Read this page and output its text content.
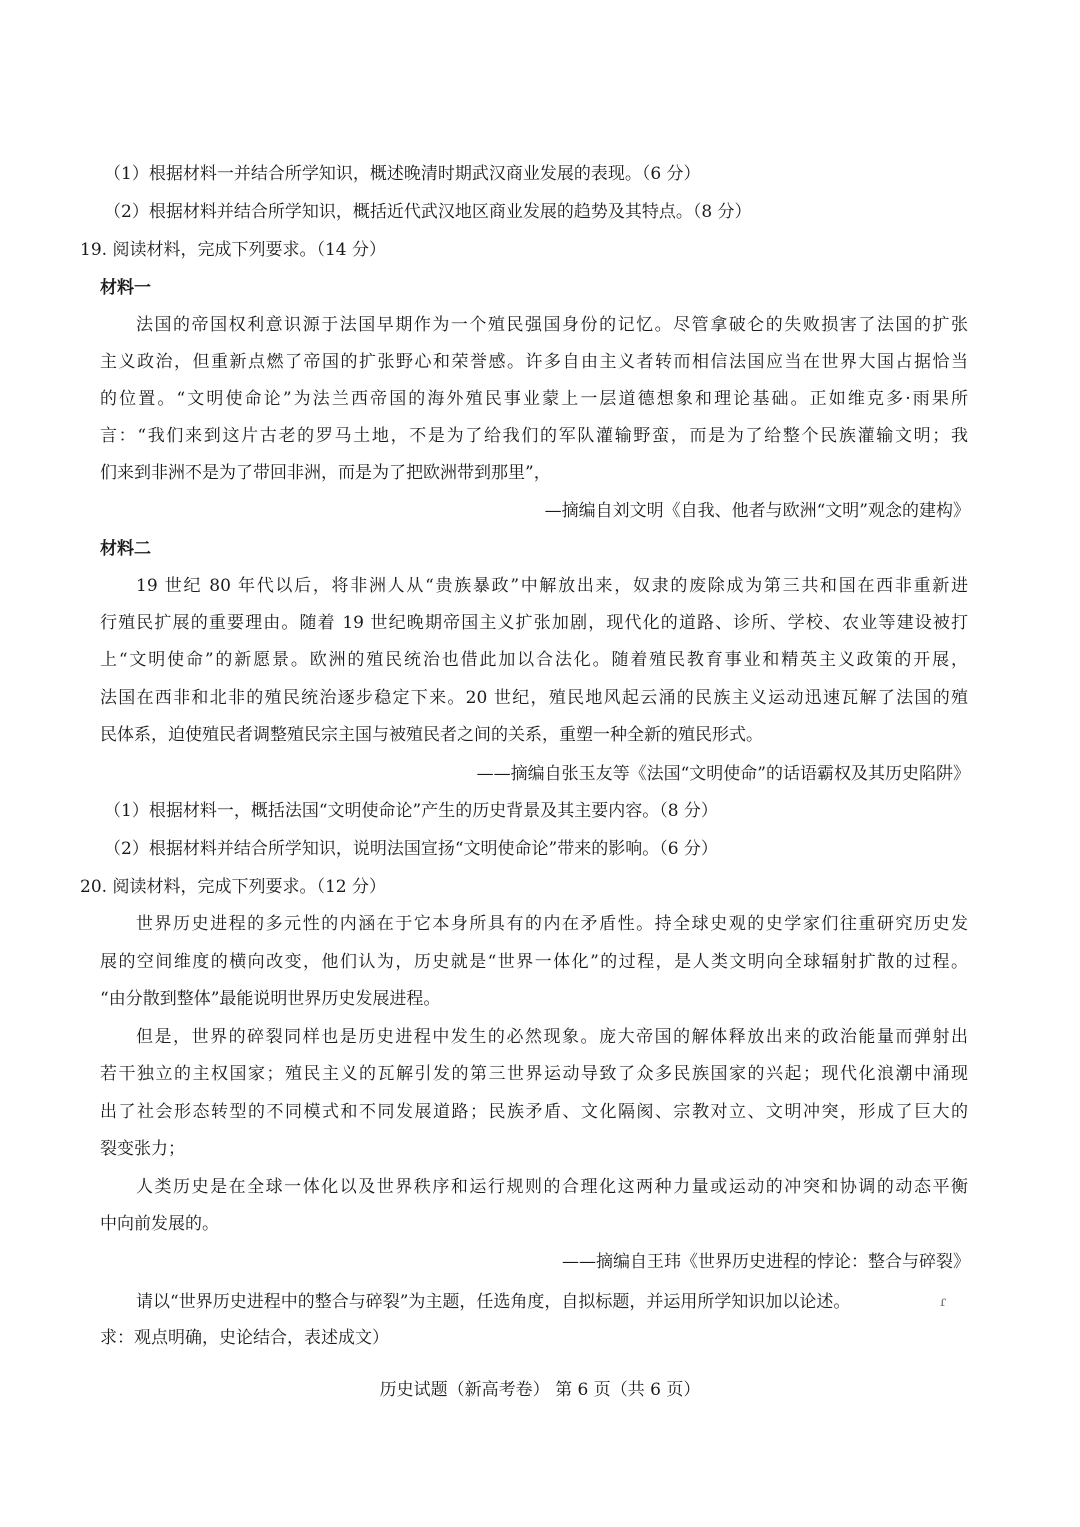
（1）根据材料一并结合所学知识，概述晚清时期武汉商业发展的表现。（6 分）
（2）根据材料并结合所学知识，概括近代武汉地区商业发展的趋势及其特点。（8 分）
19. 阅读材料，完成下列要求。（14 分）
材料一
法国的帝国权利意识源于法国早期作为一个殖民强国身份的记忆。尽管拿破仑的失败损害了法国的扩张
主义政治，但重新点燃了帝国的扩张野心和荣誉感。许多自由主义者转而相信法国应当在世界大国占据恰当
的位置。“文明使命论”为法兰西帝国的海外殖民事业蒙上一层道德想象和理论基础。正如维克多·雨果所
言：“我们来到这片古老的罗马土地，不是为了给我们的军队灌输野蛮，而是为了给整个民族灌输文明；我
们来到非洲不是为了带回非洲，而是为了把欧洲带到那里”，
—摘编自刘文明《自我、他者与欧洲“文明”观念的建构》
材料二
19 世纪 80 年代以后，将非洲人从“贵族暴政”中解放出来，奴隶的废除成为第三共和国在西非重新进
行殖民扩展的重要理由。随着 19 世纪晚期帝国主义扩张加剧，现代化的道路、诊所、学校、农业等建设被打
上“文明使命”的新愿景。欧洲的殖民统治也借此加以合法化。随着殖民教育事业和精英主义政策的开展，
法国在西非和北非的殖民统治逐步稳定下来。20 世纪，殖民地风起云涌的民族主义运动迅速瓦解了法国的殖
民体系，迫使殖民者调整殖民宗主国与被殖民者之间的关系，重塑一种全新的殖民形式。
——摘编自张玉友等《法国“文明使命”的话语霸权及其历史陷阱》
（1）根据材料一，概括法国“文明使命论”产生的历史背景及其主要内容。（8 分）
（2）根据材料并结合所学知识，说明法国宣扬“文明使命论”带来的影响。（6 分）
20. 阅读材料，完成下列要求。（12 分）
世界历史进程的多元性的内涵在于它本身所具有的内在矛盾性。持全球史观的史学家们往重研究历史发
展的空间维度的横向改变，他们认为，历史就是“世界一体化”的过程，是人类文明向全球辐射扩散的过程。
“由分散到整体”最能说明世界历史发展进程。
但是，世界的碎裂同样也是历史进程中发生的必然现象。庞大帝国的解体释放出来的政治能量而弹射出
若干独立的主权国家；殖民主义的瓦解引发的第三世界运动导致了众多民族国家的兴起；现代化浪潮中涌现
出了社会形态转型的不同模式和不同发展道路；民族矛盾、文化隔阂、宗教对立、文明冲突，形成了巨大的
裂变张力；
人类历史是在全球一体化以及世界秩序和运行规则的合理化这两种力量或运动的冲突和协调的动态平衡
中向前发展的。
——摘编自王玮《世界历史进程的悖论：整合与碎裂》
请以“世界历史进程中的整合与碎裂”为主题，任选角度，自拟标题，并运用所学知识加以论述。	ɾ
求：观点明确，史论结合，表述成文）
历史试题（新高考卷） 第 6 页（共 6 页）
